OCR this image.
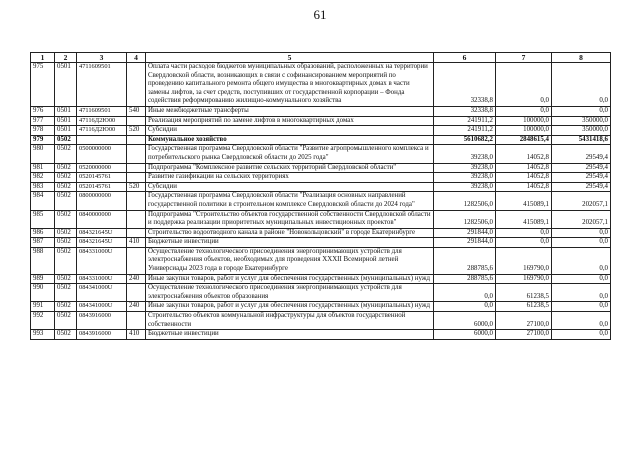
61
1	2	3	4	5	6	7	8
975	0501	4711609501		Оплата части расходов бюджетов муниципальных образований, расположенных на территории Свердловской области, возникающих в связи с софинансированием мероприятий по проведению капитального ремонта общего имущества в многоквартирных домах в части замены лифтов, за счет средств, поступивших от государственной корпорации – Фонда содействия реформированию жилищно-коммунального хозяйства	32338,8	0,0	0,0
976	0501	4711609501	540	Иные межбюджетные трансферты	32338,8	0,0	0,0
977	0501	47116Д2Ю00		Реализация мероприятий по замене лифтов в многоквартирных домах	241911,2	100000,0	350000,0
978	0501	47116Д2Ю00	520	Субсидии	241911,2	100000,0	350000,0
979	0502			Коммунальное хозяйство	5610682,2	2848615,4	5431418,6
980	0502	0500000000		Государственная программа Свердловской области "Развитие агропромышленного комплекса и потребительского рынка Свердловской области до 2025 года"	39238,0	14052,8	29549,4
981	0502	0520000000		Подпрограмма "Комплексное развитие сельских территорий Свердловской области"	39238,0	14052,8	29549,4
982	0502	0520145761		Развитие газификации на сельских территориях	39238,0	14052,8	29549,4
983	0502	0520145761	520	Субсидии	39238,0	14052,8	29549,4
984	0502	0800000000		Государственная программа Свердловской области "Реализация основных направлений государственной политики в строительном комплексе Свердловской области до 2024 года"	1282506,0	415089,1	202057,1
985	0502	0840000000		Подпрограмма "Строительство объектов государственной собственности Свердловской области и поддержка реализации приоритетных муниципальных инвестиционных проектов"	1282506,0	415089,1	202057,1
986	0502	084321645U		Строительство водоотводного канала в районе "Новокольцовский" в городе Екатеринбурге	291844,0	0,0	0,0
987	0502	084321645U	410	Бюджетные инвестиции	291844,0	0,0	0,0
988	0502	084331000U		Осуществление технологического присоединения энергопринимающих устройств для электроснабжения объектов, необходимых для проведения XXXII Всемирной летней Универсиады 2023 года в городе Екатеринбурге	288785,6	169790,0	0,0
989	0502	084331000U	240	Иные закупки товаров, работ и услуг для обеспечения государственных (муниципальных) нужд	288785,6	169790,0	0,0
990	0502	084341000U		Осуществление технологического присоединения энергопринимающих устройств для электроснабжения объектов образования	0,0	61238,5	0,0
991	0502	084341000U	240	Иные закупки товаров, работ и услуг для обеспечения государственных (муниципальных) нужд	0,0	61238,5	0,0
992	0502	0843916000		Строительство объектов коммунальной инфраструктуры для объектов государственной собственности	6000,0	27100,0	0,0
993	0502	0843916000	410	Бюджетные инвестиции	6000,0	27100,0	0,0
